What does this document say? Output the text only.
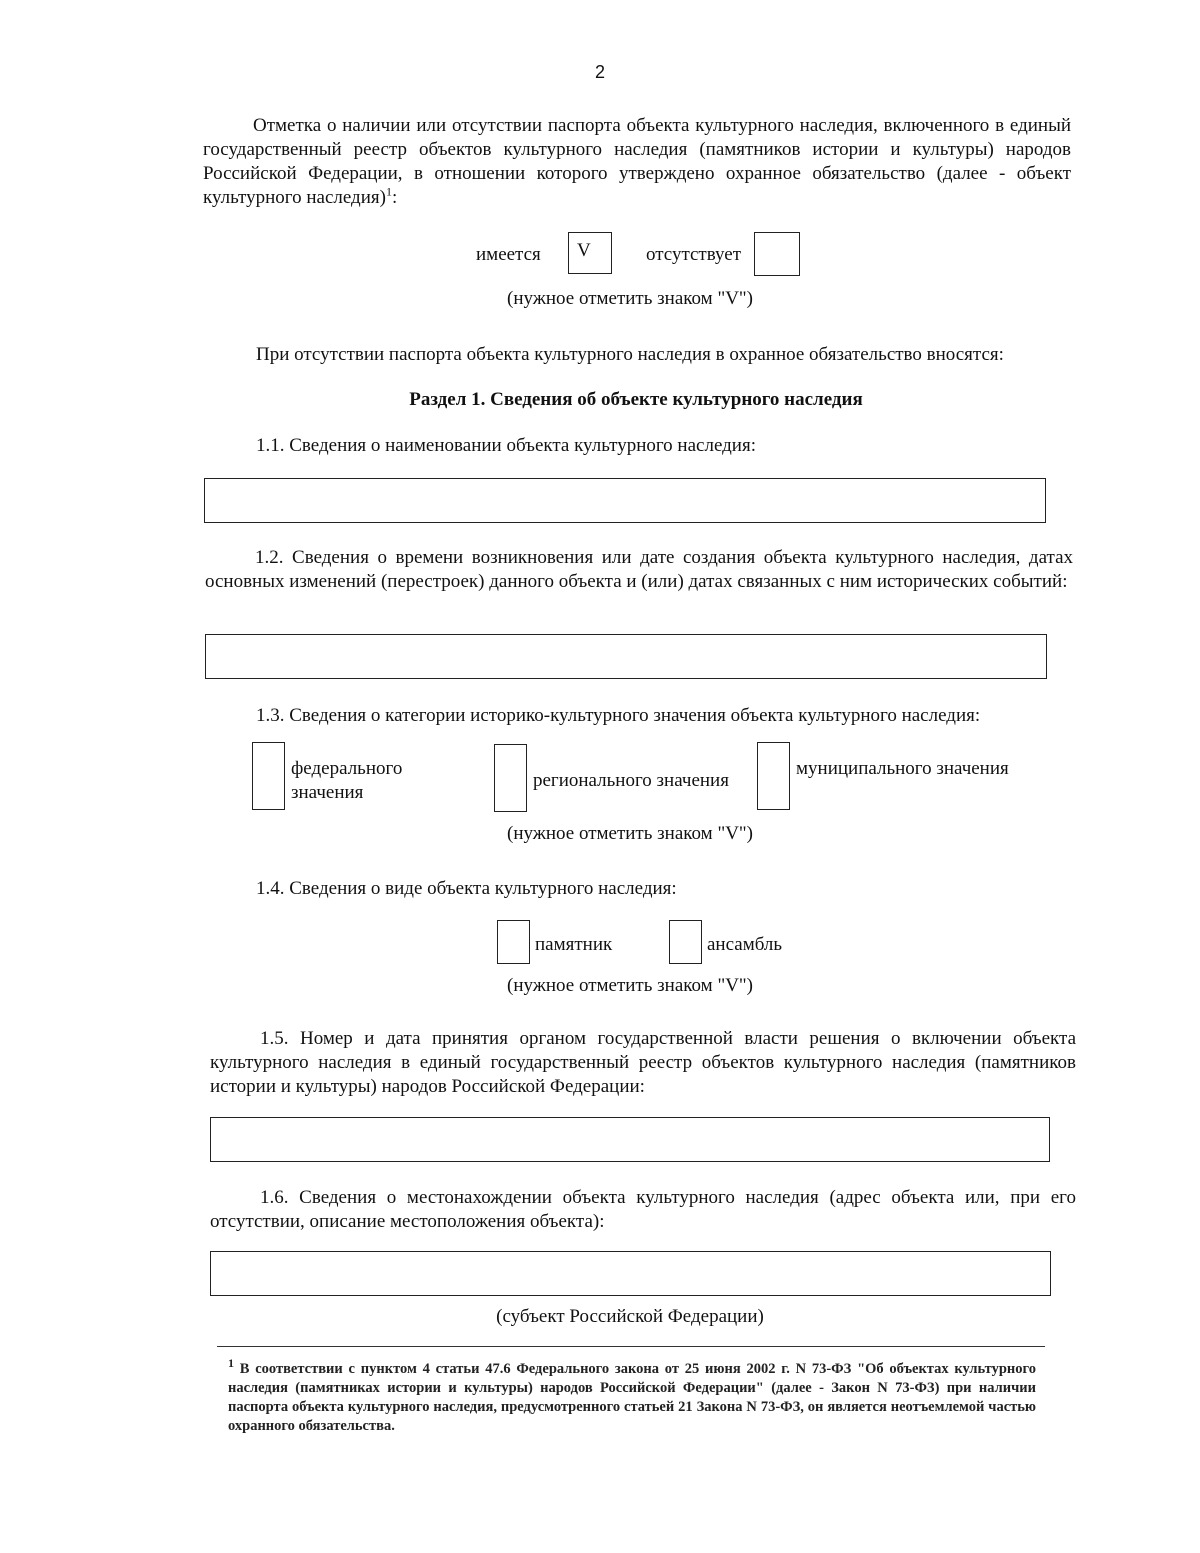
2

Отметка о наличии или отсутствии паспорта объекта культурного наследия, включенного в единый государственный реестр объектов культурного наследия (памятников истории и культуры) народов Российской Федерации, в отношении которого утверждено охранное обязательство (далее - объект культурного наследия)$^1$:

имеется	V	отсутствует
(нужное отметить знаком "V")

При отсутствии паспорта объекта культурного наследия в охранное обязательство вносятся:

Раздел 1. Сведения об объекте культурного наследия

1.1. Сведения о наименовании объекта культурного наследия:

1.2. Сведения о времени возникновения или дате создания объекта культурного наследия, датах основных изменений (перестроек) данного объекта и (или) датах связанных с ним исторических событий:

1.3. Сведения о категории историко-культурного значения объекта культурного наследия:

федерального значения
регионального значения
муниципального значения
(нужное отметить знаком "V")

1.4. Сведения о виде объекта культурного наследия:

памятник	ансамбль
(нужное отметить знаком "V")

1.5. Номер и дата принятия органом государственной власти решения о включении объекта культурного наследия в единый государственный реестр объектов культурного наследия (памятников истории и культуры) народов Российской Федерации:

1.6. Сведения о местонахождении объекта культурного наследия (адрес объекта или, при его отсутствии, описание местоположения объекта):

(субъект Российской Федерации)

$^1$ В соответствии с пунктом 4 статьи 47.6 Федерального закона от 25 июня 2002 г. N 73-ФЗ "Об объектах культурного наследия (памятниках истории и культуры) народов Российской Федерации" (далее - Закон N 73-ФЗ) при наличии паспорта объекта культурного наследия, предусмотренного статьей 21 Закона N 73-ФЗ, он является неотъемлемой частью охранного обязательства.
